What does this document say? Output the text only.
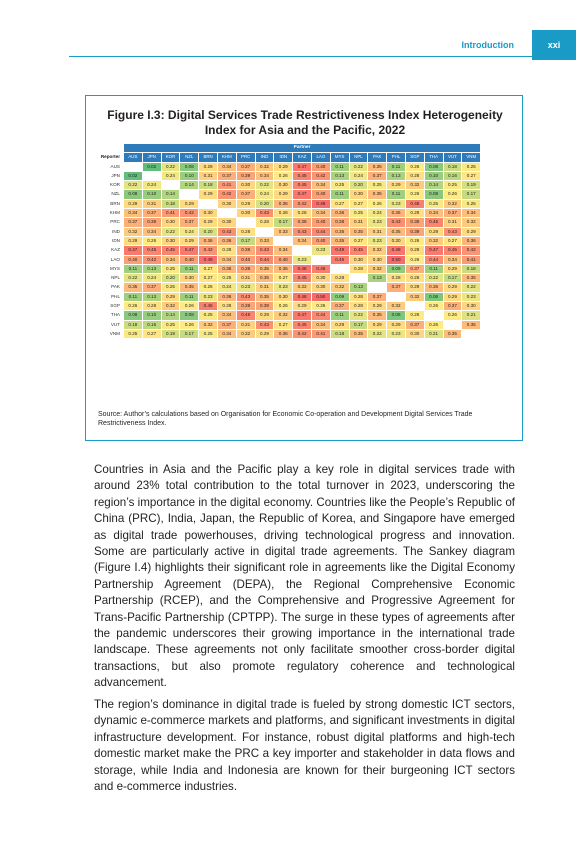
xxi
Introduction
Figure I.3: Digital Services Trade Restrictiveness Index Heterogeneity Index for Asia and the Pacific, 2022
	Partner																		
Reporter	AUS	JPN	KOR	NZL	BRN	KHM	PRC	IND	IDN	KAZ	LAO	MYS	NPL	PAK	PHL	SGP	THA	VUT	VNM
AUS		0.02	0.22	0.08	0.29	0.34	0.37	0.32	0.29	0.47	0.40	0.11	0.22	0.35	0.11	0.26	0.08	0.18	0.25
JPN	0.02		0.24	0.10	0.31	0.37	0.39	0.34	0.26	0.45	0.42	0.13	0.24	0.37	0.13	0.28	0.10	0.16	0.27
KOR	0.22	0.24		0.14	0.18	0.41	0.30	0.22	0.30	0.45	0.34	0.25	0.20	0.25	0.29	0.32	0.14	0.25	0.19
NZL	0.08	0.10	0.14		0.29	0.42	0.37	0.24	0.29	0.47	0.40	0.11	0.30	0.35	0.11	0.26	0.08	0.26	0.17
BRN	0.29	0.31	0.18	0.29		0.30	0.29	0.20	0.36	0.42	0.49	0.27	0.27	0.26	0.23	0.46	0.25	0.32	0.25
KHM	0.34	0.37	0.41	0.42	0.30		0.30	0.43	0.28	0.28	0.34	0.36	0.25	0.24	0.36	0.28	0.34	0.37	0.34
PRC	0.37	0.39	0.30	0.37	0.29	0.30		0.28	0.17	0.38	0.40	0.38	0.31	0.23	0.43	0.39	0.45	0.31	0.32
IND	0.32	0.34	0.22	0.24	0.20	0.43	0.28		0.33	0.43	0.44	0.35	0.35	0.31	0.35	0.39	0.29	0.43	0.29
IDN	0.29	0.26	0.30	0.29	0.36	0.36	0.17	0.33		0.34	0.40	0.35	0.27	0.23	0.30	0.26	0.32	0.27	0.36
KAZ	0.47	0.45	0.45	0.47	0.42	0.28	0.38	0.43	0.34		0.23	0.48	0.45	0.32	0.48	0.29	0.47	0.45	0.42
LAO	0.40	0.42	0.34	0.40	0.49	0.34	0.40	0.44	0.40	0.23		0.46	0.30	0.30	0.50	0.26	0.44	0.34	0.41
MYS	0.11	0.13	0.25	0.11	0.27	0.36	0.38	0.35	0.35	0.48	0.46		0.28	0.32	0.09	0.37	0.11	0.29	0.18
NPL	0.22	0.24	0.20	0.30	0.27	0.25	0.31	0.35	0.27	0.45	0.30	0.28		0.13	0.28	0.28	0.22	0.17	0.35
PAK	0.35	0.37	0.25	0.35	0.26	0.24	0.23	0.31	0.23	0.32	0.30	0.32	0.13		0.37	0.29	0.35	0.29	0.22
PHL	0.11	0.13	0.29	0.11	0.23	0.36	0.43	0.35	0.30	0.48	0.50	0.09	0.28	0.37		0.32	0.06	0.29	0.23
SGP	0.26	0.28	0.32	0.26	0.46	0.28	0.39	0.39	0.26	0.29	0.26	0.37	0.28	0.29	0.32		0.26	0.37	0.30
THA	0.08	0.10	0.14	0.08	0.25	0.34	0.45	0.29	0.32	0.47	0.44	0.11	0.22	0.35	0.06	0.26		0.26	0.21
VUT	0.18	0.16	0.25	0.26	0.32	0.37	0.31	0.43	0.27	0.45	0.34	0.29	0.17	0.29	0.29	0.37	0.26		0.35
VNM	0.25	0.27	0.19	0.17	0.25	0.34	0.32	0.29	0.36	0.42	0.41	0.18	0.35	0.22	0.23	0.30	0.21	0.35	
Source: Author’s calculations based on Organisation for Economic Co-operation and Development Digital Services Trade Restrictiveness Index.

Countries in Asia and the Pacific play a key role in digital services trade with around 23% total contribution to the total turnover in 2023, underscoring the region’s importance in the digital economy. Countries like the People’s Republic of China (PRC), India, Japan, the Republic of Korea, and Singapore have emerged as digital trade powerhouses, driving technological progress and innovation. Some are particularly active in digital trade agreements. The Sankey diagram (Figure I.4) highlights their significant role in agreements like the Digital Economy Partnership Agreement (DEPA), the Regional Comprehensive Economic Partnership (RCEP), and the Comprehensive and Progressive Agreement for Trans-Pacific Partnership (CPTPP). The surge in these types of agreements after the pandemic underscores their growing importance in the international trade landscape. These agreements not only facilitate smoother cross-border digital transactions, but also promote regulatory coherence and technological advancement.

The region’s dominance in digital trade is fueled by strong domestic ICT sectors, dynamic e-commerce markets and platforms, and significant investments in digital infrastructure development. For instance, robust digital platforms and high-tech domestic market make the PRC a key importer and stakeholder in data flows and storage, while India and Indonesia are known for their burgeoning ICT sectors and e-commerce industries.
